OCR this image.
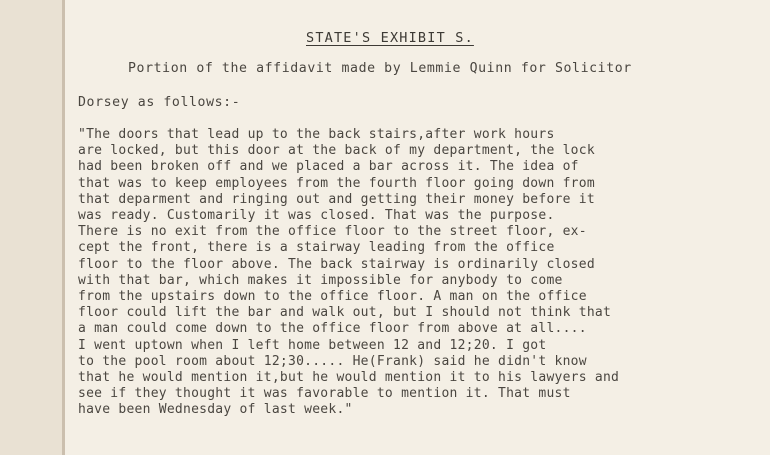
STATE'S EXHIBIT S.
Portion of the affidavit made by Lemmie Quinn for Solicitor
Dorsey as follows:-
"The doors that lead up to the back stairs,after work hours
are locked, but this door at the back of my department, the lock
had been broken off and we placed a bar across it. The idea of
that was to keep employees from the fourth floor going down from
that deparment and ringing out and getting their money before it
was ready. Customarily it was closed. That was the purpose.
There is no exit from the office floor to the street floor, ex-
cept the front, there is a stairway leading from the office
floor to the floor above. The back stairway is ordinarily closed
with that bar, which makes it impossible for anybody to come
from the upstairs down to the office floor. A man on the office
floor could lift the bar and walk out, but I should not think that
a man could come down to the office floor from above at all....
I went uptown when I left home between 12 and 12;20. I got
to the pool room about 12;30..... He(Frank) said he didn't know
that he would mention it,but he would mention it to his lawyers and
see if they thought it was favorable to mention it. That must
have been Wednesday of last week."
